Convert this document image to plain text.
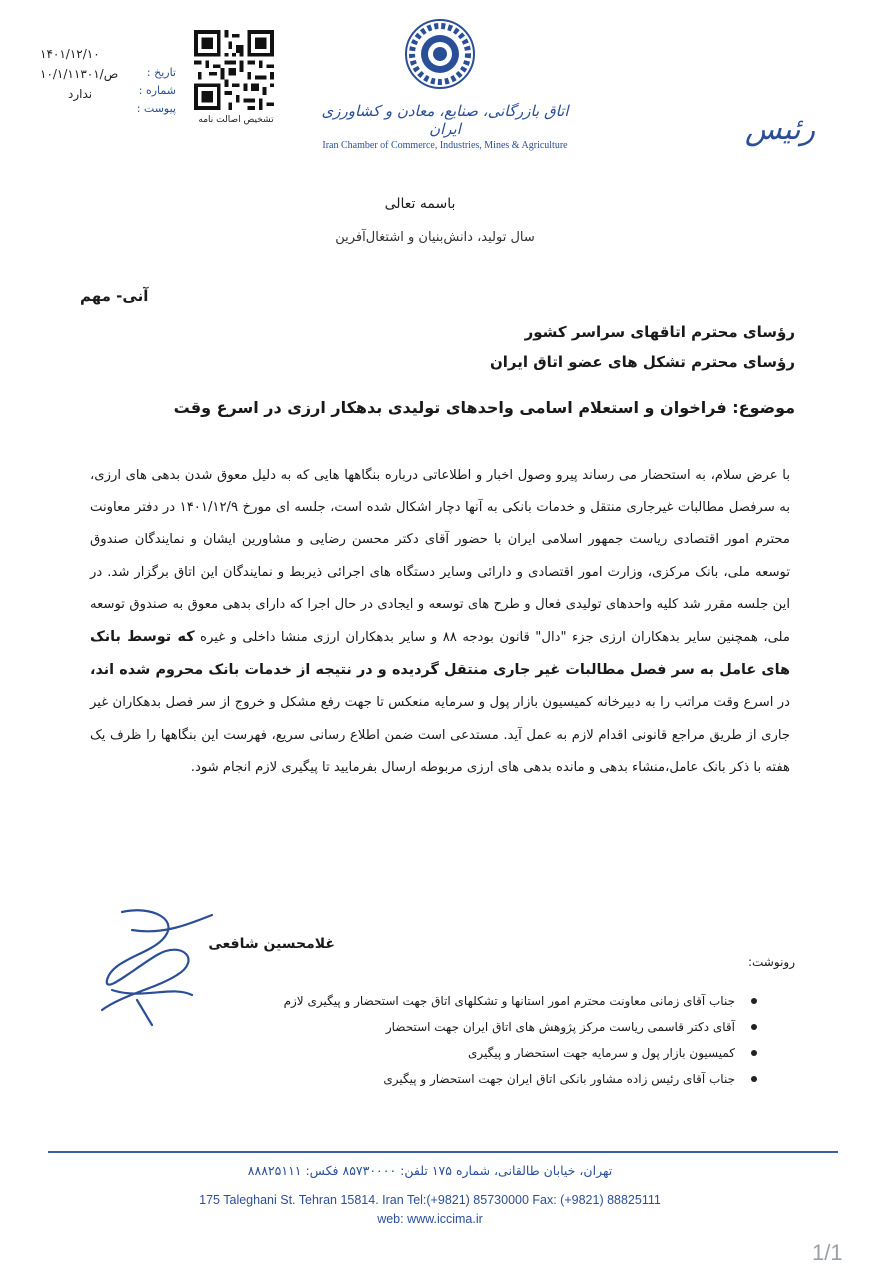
۱۴۰۱/۱۲/۱۰
۱۰/۱/۱۱۳۰۱/ص
ندارد
تاریخ :
شماره :
پیوست :
تشخیص اصالت نامه	اتاق بازرگانی، صنایع، معادن و کشاورزی ایران
Iran Chamber of Commerce, Industries, Mines & Agriculture	رئیس
باسمه تعالی
سال تولید، دانش‌بنیان و اشتغال‌آفرین
آنی- مهم
رؤسای محترم اتاقهای سراسر کشور
رؤسای محترم تشکل های عضو اتاق ایران
موضوع: فراخوان و استعلام اسامی واحدهای تولیدی بدهکار ارزی در اسرع وقت

با عرض سلام، به استحضار می رساند پیرو وصول اخبار و اطلاعاتی درباره بنگاهها هایی که به دلیل معوق شدن بدهی های ارزی، به سرفصل مطالبات غیرجاری منتقل و خدمات بانکی به آنها دچار اشکال شده است، جلسه ای مورخ ۱۴۰۱/۱۲/۹ در دفتر معاونت محترم امور اقتصادی ریاست جمهور اسلامی ایران با حضور آقای دکتر محسن رضایی و مشاورین ایشان و نمایندگان صندوق توسعه ملی، بانک مرکزی، وزارت امور اقتصادی و دارائی وسایر دستگاه های اجرائی ذیربط و نمایندگان این اتاق برگزار شد. در این جلسه مقرر شد کلیه واحدهای تولیدی فعال و طرح های توسعه و ایجادی در حال اجرا که دارای بدهی معوق به صندوق توسعه ملی، همچنین سایر بدهکاران ارزی جزء "دال" قانون بودجه ۸۸ و سایر بدهکاران ارزی منشا داخلی و غیره که توسط بانک های عامل به سر فصل مطالبات غیر جاری منتقل گردیده و در نتیجه از خدمات بانک محروم شده اند، در اسرع وقت مراتب را به دبیرخانه کمیسیون بازار پول و سرمایه منعکس تا جهت رفع مشکل و خروج از سر فصل بدهکاران غیر جاری از طریق مراجع قانونی اقدام لازم به عمل آید. مستدعی است ضمن اطلاع رسانی سریع، فهرست این بنگاهها را ظرف یک هفته با ذکر بانک عامل،منشاء بدهی و مانده بدهی های ارزی مربوطه ارسال بفرمایید تا پیگیری لازم انجام شود.

غلامحسین شافعی
رونوشت:
جناب آقای زمانی معاونت محترم امور استانها و تشکلهای اتاق جهت استحضار و پیگیری لازم
آقای دکتر قاسمی ریاست مرکز پژوهش های اتاق ایران جهت استحضار
کمیسیون بازار پول و سرمایه جهت استحضار و پیگیری
جناب آقای رئیس زاده مشاور بانکی اتاق ایران جهت استحضار و پیگیری
تهران، خیابان طالقانی، شماره ۱۷۵ تلفن: ۸۵۷۳۰۰۰۰ فکس: ۸۸۸۲۵۱۱۱
175 Taleghani St. Tehran 15814. Iran Tel:(+9821) 85730000 Fax: (+9821) 88825111
web: www.iccima.ir
1/1
